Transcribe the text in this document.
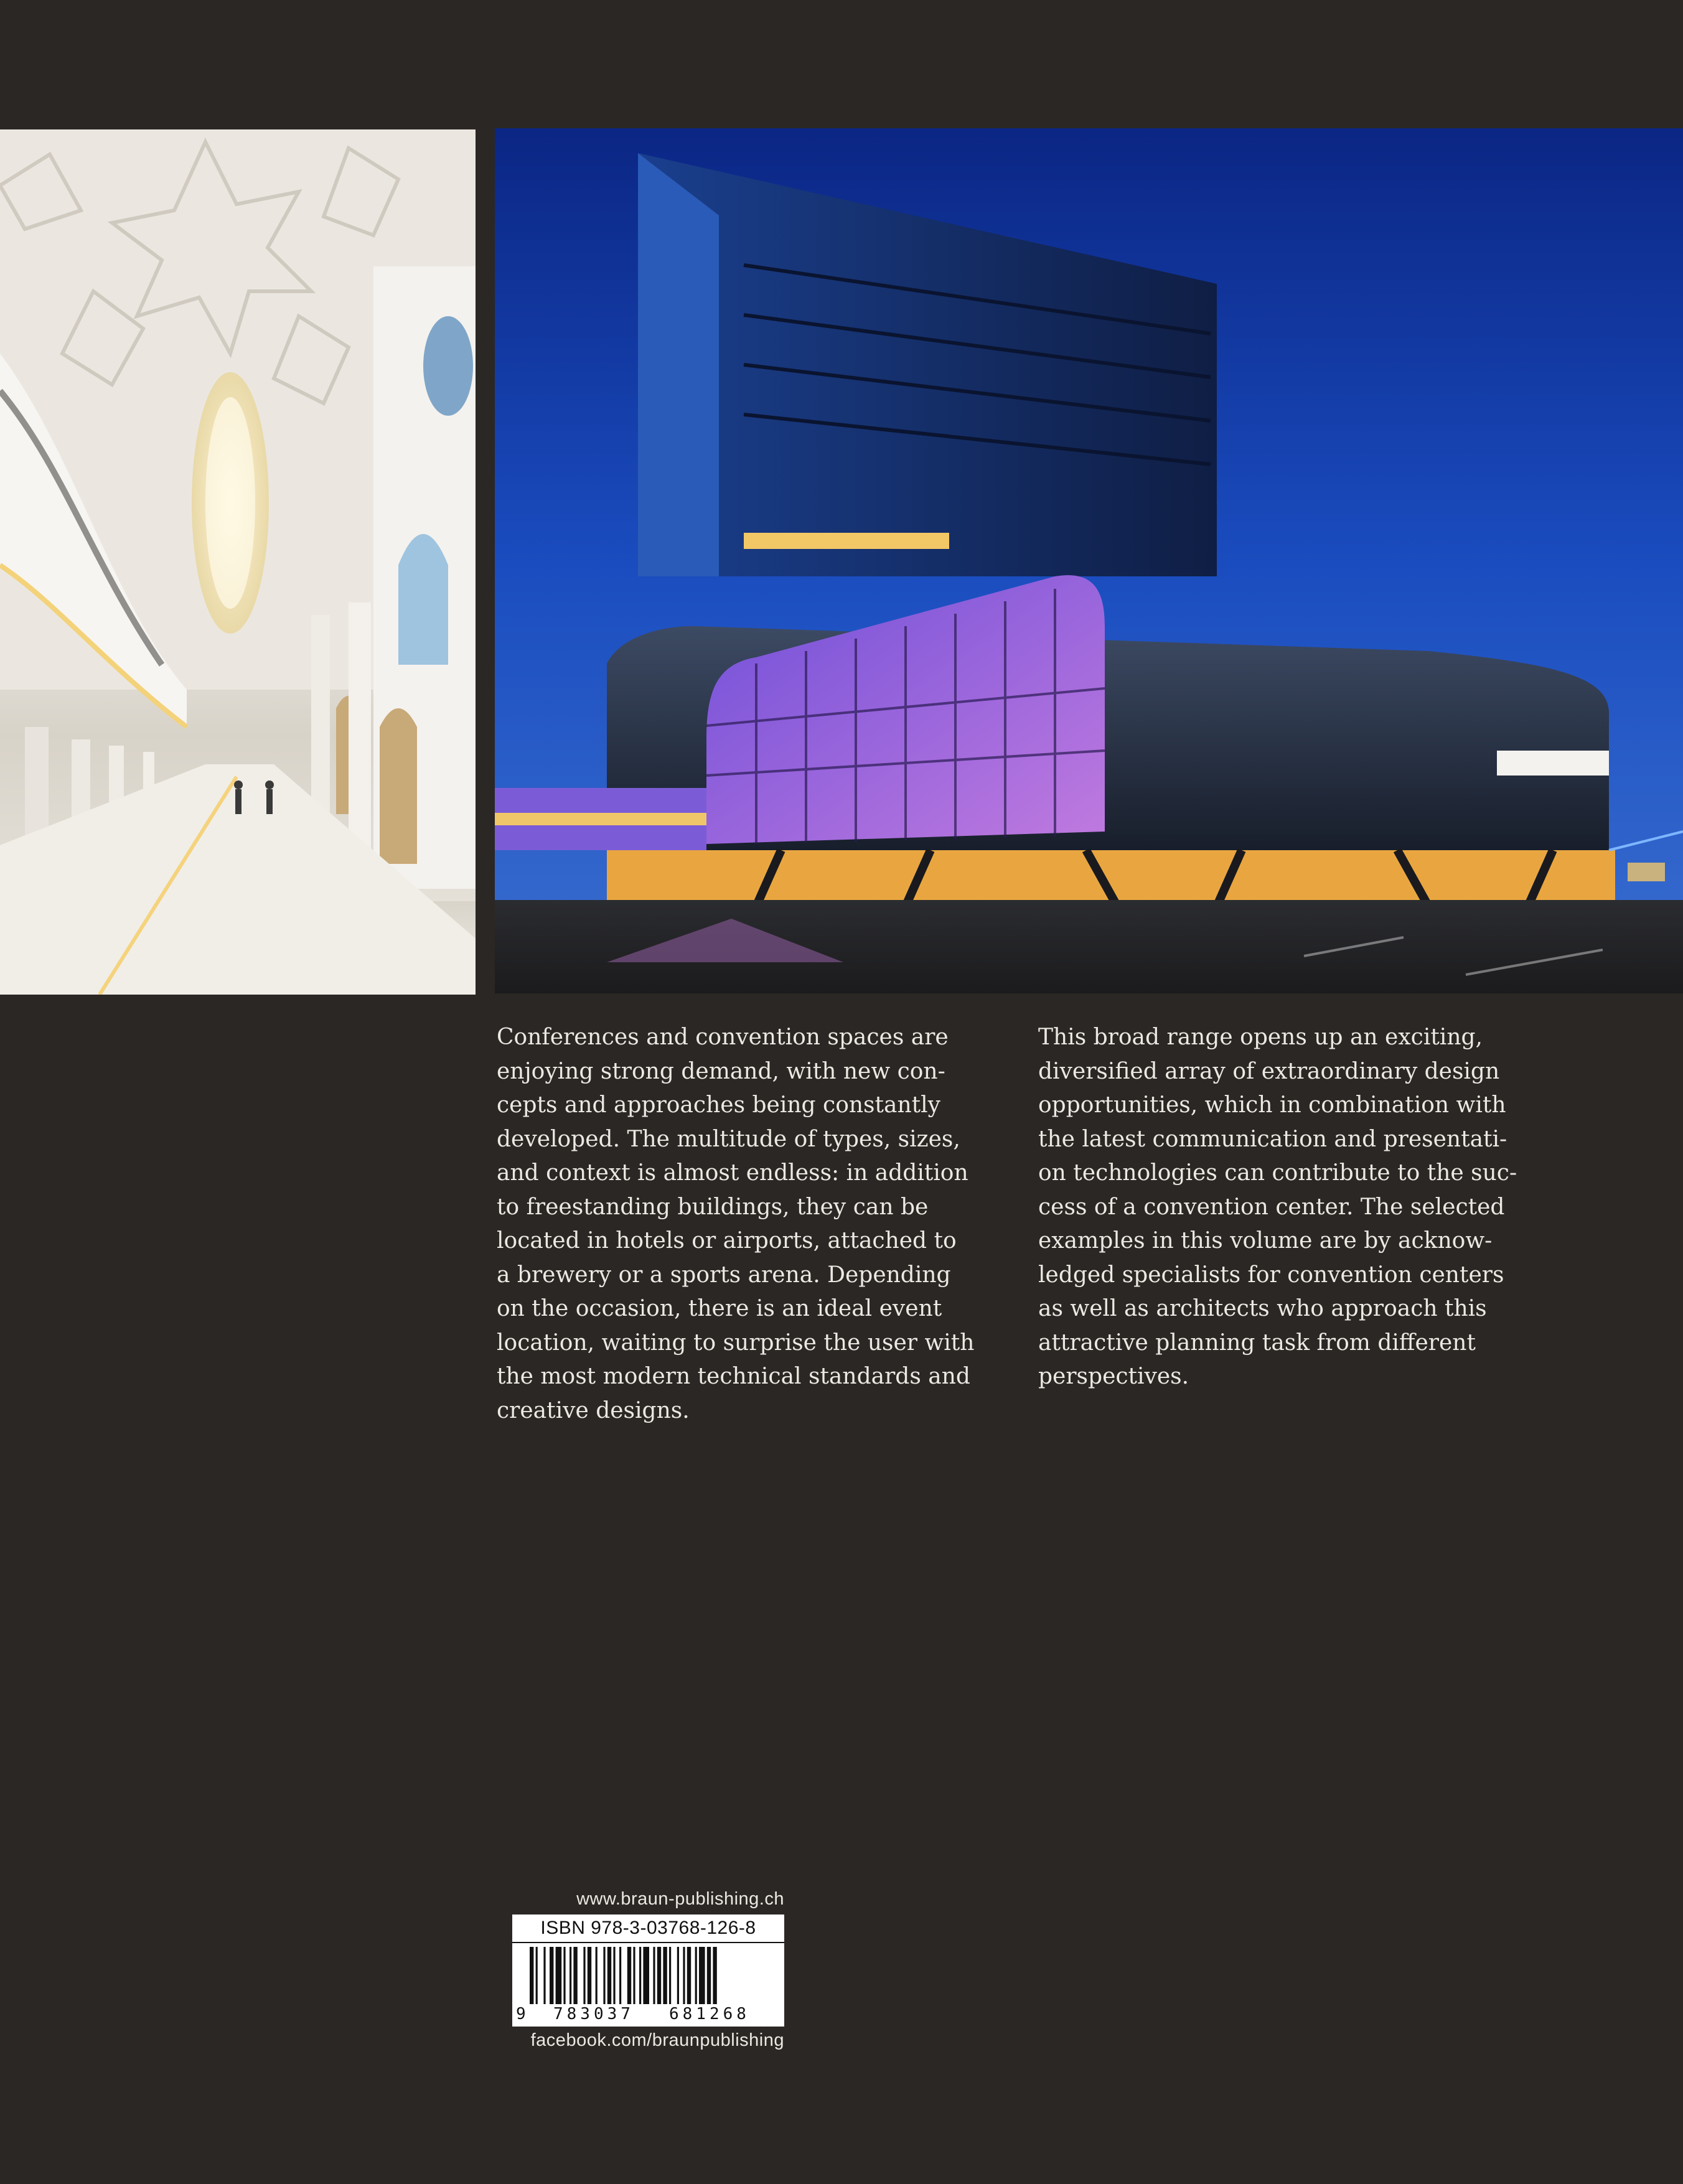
Conferences and convention spaces are
enjoying strong demand, with new con-
cepts and approaches being constantly
developed. The multitude of types, sizes,
and context is almost endless: in addition
to freestanding buildings, they can be
located in hotels or airports, attached to
a brewery or a sports arena. Depending
on the occasion, there is an ideal event
location, waiting to surprise the user with
the most modern technical standards and
creative designs.
This broad range opens up an exciting,
diversified array of extraordinary design
opportunities, which in combination with
the latest communication and presentati-
on technologies can contribute to the suc-
cess of a convention center. The selected
examples in this volume are by acknow-
ledged specialists for convention centers
as well as architects who approach this
attractive planning task from different
perspectives.
www.braun-publishing.ch
ISBN 978-3-03768-126-8
9 783037 681268
facebook.com/braunpublishing
